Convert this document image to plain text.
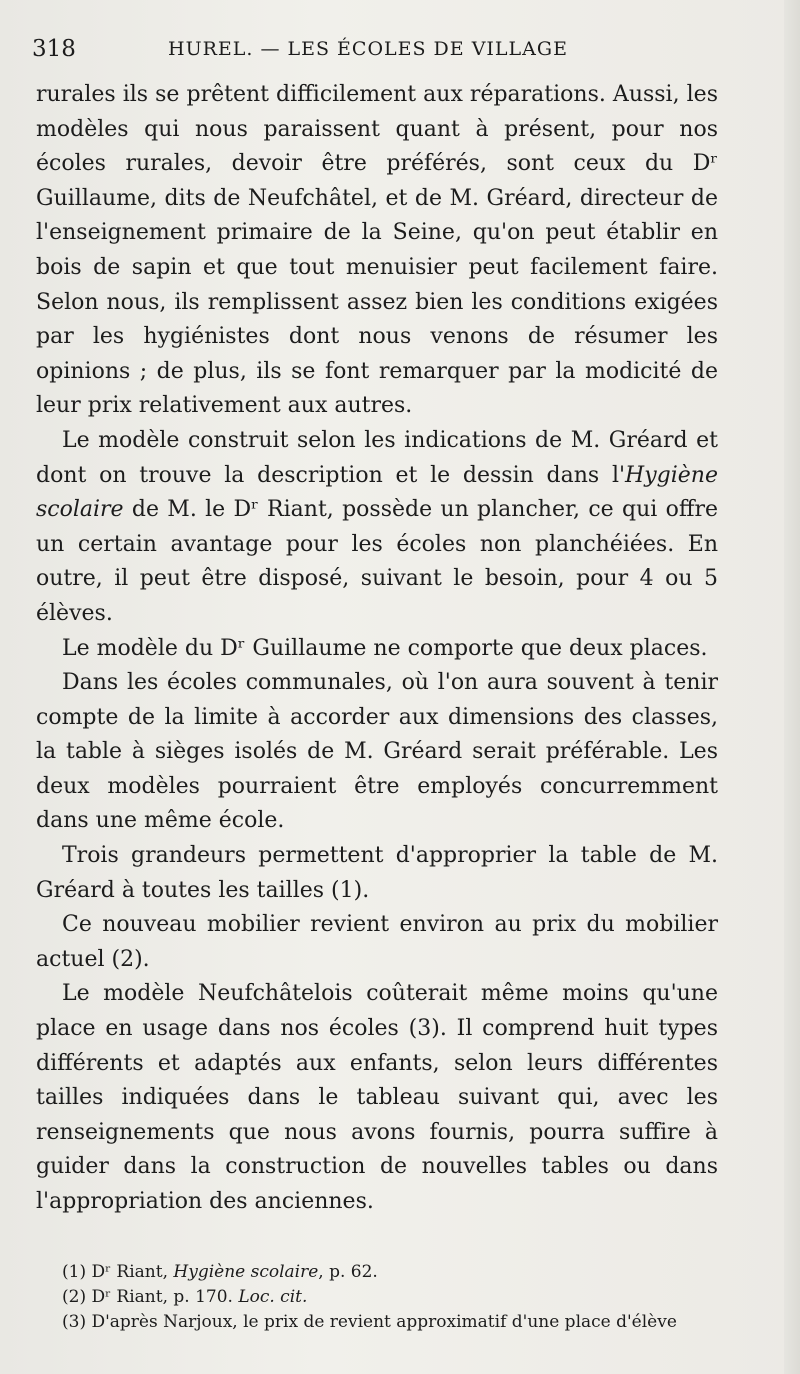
318	HUREL. — LES ÉCOLES DE VILLAGE

rurales ils se prêtent difficilement aux réparations. Aussi, les modèles qui nous paraissent quant à présent, pour nos écoles rurales, devoir être préférés, sont ceux du Dʳ Guillaume, dits de Neufchâtel, et de M. Gréard, directeur de l'enseignement primaire de la Seine, qu'on peut établir en bois de sapin et que tout menuisier peut facilement faire. Selon nous, ils remplissent assez bien les conditions exigées par les hygiénistes dont nous venons de résumer les opinions ; de plus, ils se font remarquer par la modicité de leur prix relativement aux autres.

Le modèle construit selon les indications de M. Gréard et dont on trouve la description et le dessin dans l'Hygiène scolaire de M. le Dʳ Riant, possède un plancher, ce qui offre un certain avantage pour les écoles non planchéiées. En outre, il peut être disposé, suivant le besoin, pour 4 ou 5 élèves.

Le modèle du Dʳ Guillaume ne comporte que deux places.

Dans les écoles communales, où l'on aura souvent à tenir compte de la limite à accorder aux dimensions des classes, la table à sièges isolés de M. Gréard serait préférable. Les deux modèles pourraient être employés concurremment dans une même école.

Trois grandeurs permettent d'approprier la table de M. Gréard à toutes les tailles (1).

Ce nouveau mobilier revient environ au prix du mobilier actuel (2).

Le modèle Neufchâtelois coûterait même moins qu'une place en usage dans nos écoles (3). Il comprend huit types différents et adaptés aux enfants, selon leurs différentes tailles indiquées dans le tableau suivant qui, avec les renseignements que nous avons fournis, pourra suffire à guider dans la construction de nouvelles tables ou dans l'appropriation des anciennes.

(1) Dʳ Riant, Hygiène scolaire, p. 62.
(2) Dʳ Riant, p. 170. Loc. cit.
(3) D'après Narjoux, le prix de revient approximatif d'une place d'élève
